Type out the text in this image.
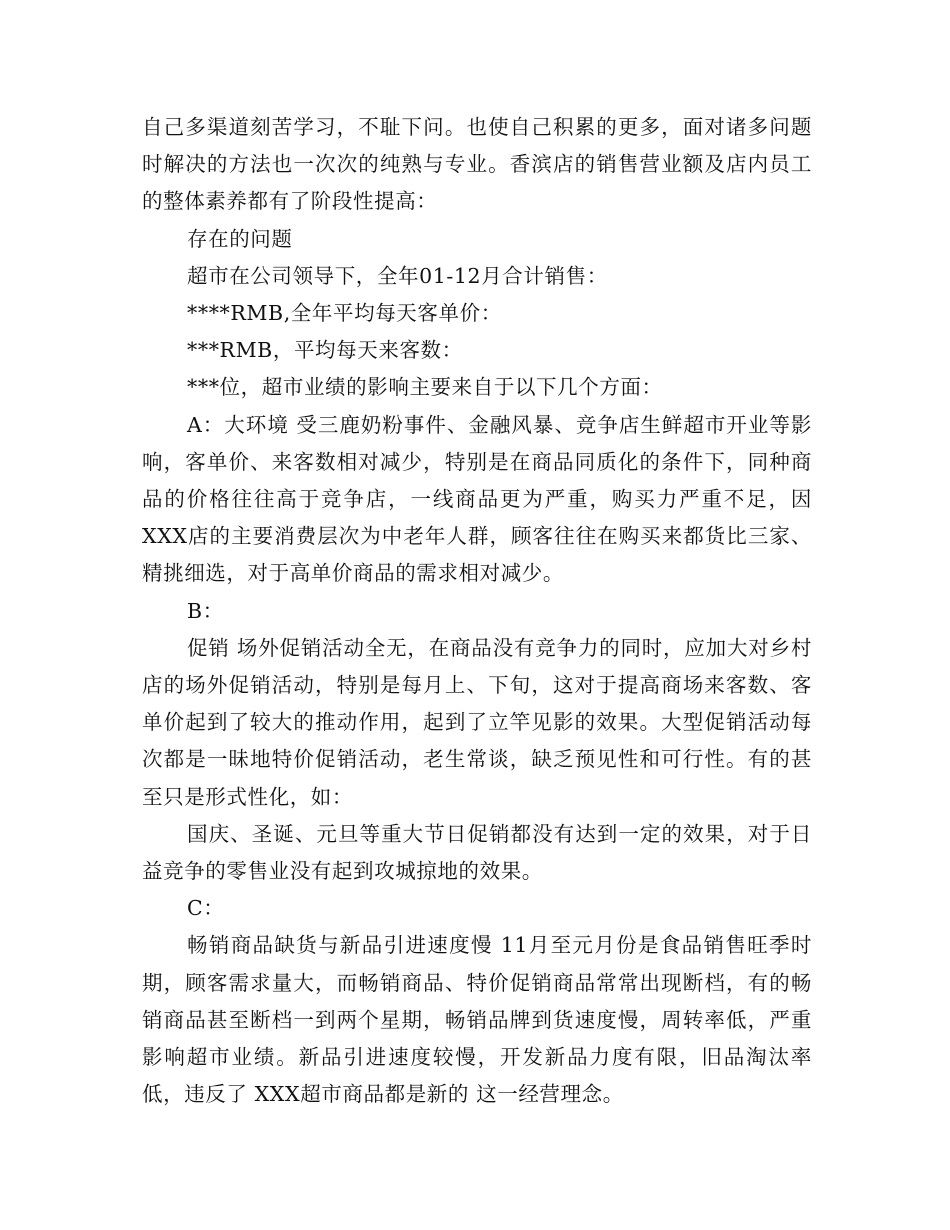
自己多渠道刻苦学习，不耻下问。也使自己积累的更多，面对诸多问题时解决的方法也一次次的纯熟与专业。香滨店的销售营业额及店内员工的整体素养都有了阶段性提高：

存在的问题

超市在公司领导下，全年01-12月合计销售：

****RMB,全年平均每天客单价：

***RMB，平均每天来客数：

***位，超市业绩的影响主要来自于以下几个方面：

A：大环境 受三鹿奶粉事件、金融风暴、竞争店生鲜超市开业等影响，客单价、来客数相对减少，特别是在商品同质化的条件下，同种商品的价格往往高于竞争店，一线商品更为严重，购买力严重不足，因XXX店的主要消费层次为中老年人群，顾客往往在购买来都货比三家、精挑细选，对于高单价商品的需求相对减少。

B：

促销 场外促销活动全无，在商品没有竞争力的同时，应加大对乡村店的场外促销活动，特别是每月上、下旬，这对于提高商场来客数、客单价起到了较大的推动作用，起到了立竿见影的效果。大型促销活动每次都是一昧地特价促销活动，老生常谈，缺乏预见性和可行性。有的甚至只是形式性化，如：

国庆、圣诞、元旦等重大节日促销都没有达到一定的效果，对于日益竞争的零售业没有起到攻城掠地的效果。

C：

畅销商品缺货与新品引进速度慢 11月至元月份是食品销售旺季时期，顾客需求量大，而畅销商品、特价促销商品常常出现断档，有的畅销商品甚至断档一到两个星期，畅销品牌到货速度慢，周转率低，严重影响超市业绩。新品引进速度较慢，开发新品力度有限，旧品淘汰率低，违反了 XXX超市商品都是新的 这一经营理念。
